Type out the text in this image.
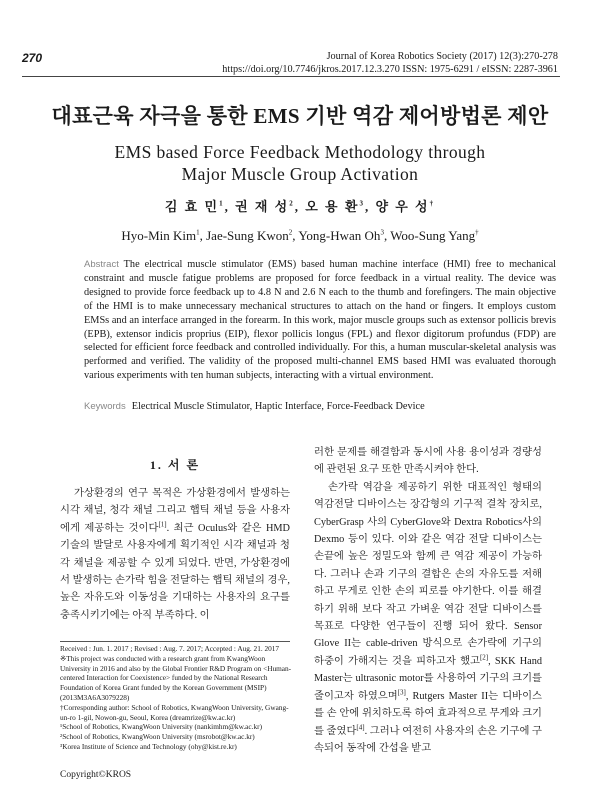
270	Journal of Korea Robotics Society (2017) 12(3):270-278
https://doi.org/10.7746/jkros.2017.12.3.270 ISSN: 1975-6291 / eISSN: 2287-3961
대표근육 자극을 통한 EMS 기반 역감 제어방법론 제안
EMS based Force Feedback Methodology through
Major Muscle Group Activation
김 효 민$^1$, 권 재 성$^2$, 오 용 환$^3$, 양 우 성†
Hyo-Min Kim$^1$, Jae-Sung Kwon$^2$, Yong-Hwan Oh$^3$, Woo-Sung Yang†
Abstract The electrical muscle stimulator (EMS) based human machine interface (HMI) free to mechanical constraint and muscle fatigue problems are proposed for force feedback in a virtual reality. The device was designed to provide force feedback up to 4.8 N and 2.6 N each to the thumb and forefingers. The main objective of the HMI is to make unnecessary mechanical structures to attach on the hand or fingers. It employs custom EMSs and an interface arranged in the forearm. In this work, major muscle groups such as extensor pollicis brevis (EPB), extensor indicis proprius (EIP), flexor pollicis longus (FPL) and flexor digitorum profundus (FDP) are selected for efficient force feedback and controlled individually. For this, a human muscular-skeletal analysis was performed and verified. The validity of the proposed multi-channel EMS based HMI was evaluated thorough various experiments with ten human subjects, interacting with a virtual environment.
Keywords Electrical Muscle Stimulator, Haptic Interface, Force-Feedback Device
1. 서 론

가상환경의 연구 목적은 가상환경에서 발생하는 시각 채널, 청각 채널 그리고 햅틱 채널 등을 사용자에게 제공하는 것이다[1]. 최근 Oculus와 같은 HMD 기술의 발달로 사용자에게 획기적인 시각 채널과 청각 채널을 제공할 수 있게 되었다. 반면, 가상환경에서 발생하는 손가락 힘을 전달하는 햅틱 채널의 경우, 높은 자유도와 이동성을 기대하는 사용자의 요구를 충족시키기에는 아직 부족하다. 이

러한 문제를 해결함과 동시에 사용 용이성과 경량성에 관련된 요구 또한 만족시켜야 한다.

손가락 역감을 제공하기 위한 대표적인 형태의 역감전달 디바이스는 장갑형의 기구적 결착 장치로, CyberGrasp 사의 CyberGlove와 Dextra Robotics사의 Dexmo 등이 있다. 이와 같은 역감 전달 디바이스는 손끝에 높은 정밀도와 함께 큰 역감 제공이 가능하다. 그러나 손과 기구의 결합은 손의 자유도를 저해하고 무게로 인한 손의 피로를 야기한다. 이를 해결하기 위해 보다 작고 가벼운 역감 전달 디바이스를 목표로 다양한 연구들이 진행 되어 왔다. Sensor Glove II는 cable-driven 방식으로 손가락에 기구의 하중이 가해지는 것을 피하고자 했고[2], SKK Hand Master는 ultrasonic motor를 사용하여 기구의 크기를 줄이고자 하였으며[3], Rutgers Master II는 디바이스를 손 안에 위치하도록 하여 효과적으로 무게와 크기를 줄였다[4]. 그러나 여전히 사용자의 손은 기구에 구속되어 동작에 간섭을 받고

Received : Jun. 1. 2017 ; Revised : Aug. 7. 2017; Accepted : Aug. 21. 2017
※This project was conducted with a research grant from KwangWoon University in 2016 and also by the Global Frontier R&D Program on <Human-centered Interaction for Coexistence> funded by the National Research Foundation of Korea Grant funded by the Korean Government (MSIP) (2013M3A6A3079228)
†Corresponding author: School of Robotics, KwangWoon University, Gwang-un-ro 1-gil, Nowon-gu, Seoul, Korea (dreamrize@kw.ac.kr)
¹School of Robotics, KwangWoon University (nankimhm@kw.ac.kr)
²School of Robotics, KwangWoon University (msrobot@kw.ac.kr)
³Korea Institute of Science and Technology (ohy@kist.re.kr)
Copyright©KROS
